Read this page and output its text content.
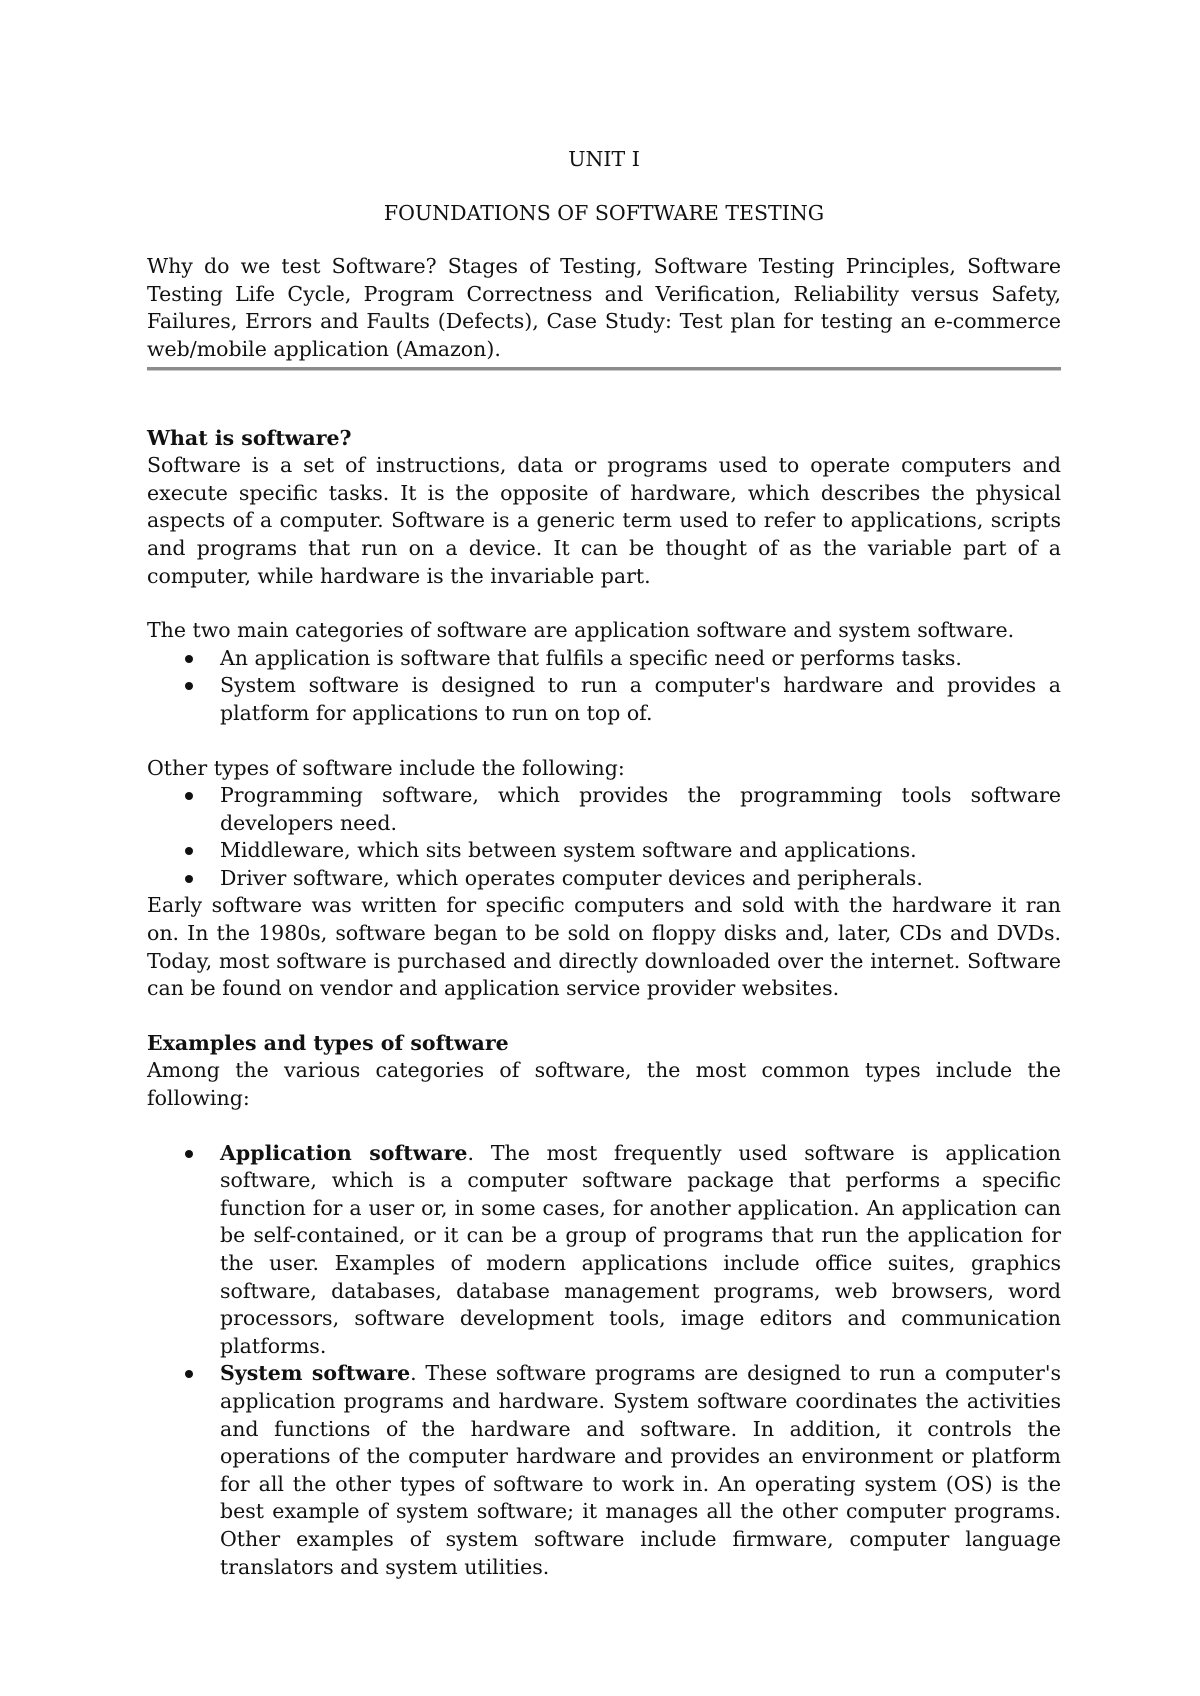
UNIT I
FOUNDATIONS OF SOFTWARE TESTING

Why do we test Software? Stages of Testing, Software Testing Principles, Software Testing Life Cycle, Program Correctness and Verification, Reliability versus Safety, Failures, Errors and Faults (Defects), Case Study: Test plan for testing an e-commerce web/mobile application (Amazon).

What is software?

Software is a set of instructions, data or programs used to operate computers and execute specific tasks. It is the opposite of hardware, which describes the physical aspects of a computer. Software is a generic term used to refer to applications, scripts and programs that run on a device. It can be thought of as the variable part of a computer, while hardware is the invariable part.

The two main categories of software are application software and system software.

An application is software that fulfils a specific need or performs tasks.
System software is designed to run a computer's hardware and provides a platform for applications to run on top of.

Other types of software include the following:

Programming software, which provides the programming tools software developers need.
Middleware, which sits between system software and applications.
Driver software, which operates computer devices and peripherals.

Early software was written for specific computers and sold with the hardware it ran on. In the 1980s, software began to be sold on floppy disks and, later, CDs and DVDs. Today, most software is purchased and directly downloaded over the internet. Software can be found on vendor and application service provider websites.

Examples and types of software

Among the various categories of software, the most common types include the following:

Application software. The most frequently used software is application software, which is a computer software package that performs a specific function for a user or, in some cases, for another application. An application can be self-contained, or it can be a group of programs that run the application for the user. Examples of modern applications include office suites, graphics software, databases, database management programs, web browsers, word processors, software development tools, image editors and communication platforms.
System software. These software programs are designed to run a computer's application programs and hardware. System software coordinates the activities and functions of the hardware and software. In addition, it controls the operations of the computer hardware and provides an environment or platform for all the other types of software to work in. An operating system (OS) is the best example of system software; it manages all the other computer programs. Other examples of system software include firmware, computer language translators and system utilities.
